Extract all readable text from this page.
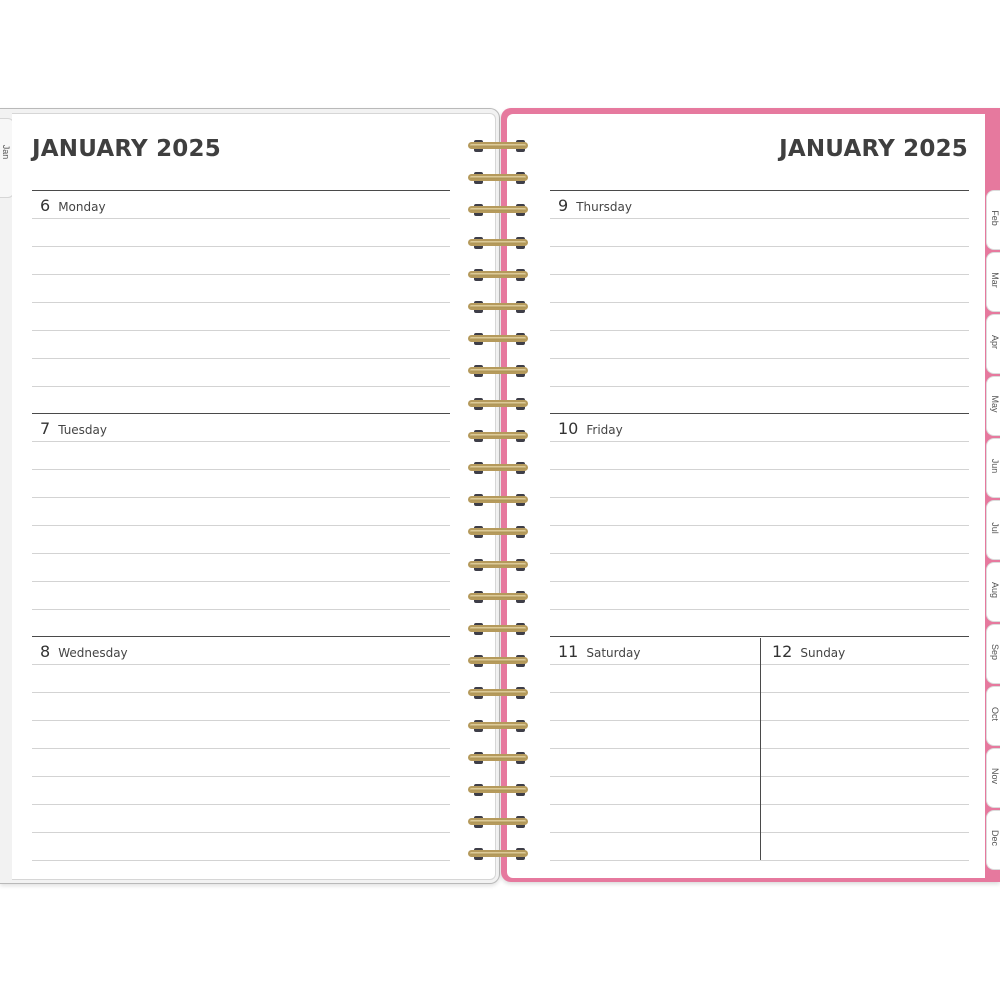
Jan
Feb
Mar
Apr
May
Jun
Jul
Aug
Sep
Oct
Nov
Dec
JANUARY 2025	JANUARY 2025
6 Monday
7 Tuesday
8 Wednesday
9 Thursday
10 Friday
11 Saturday	12 Sunday
